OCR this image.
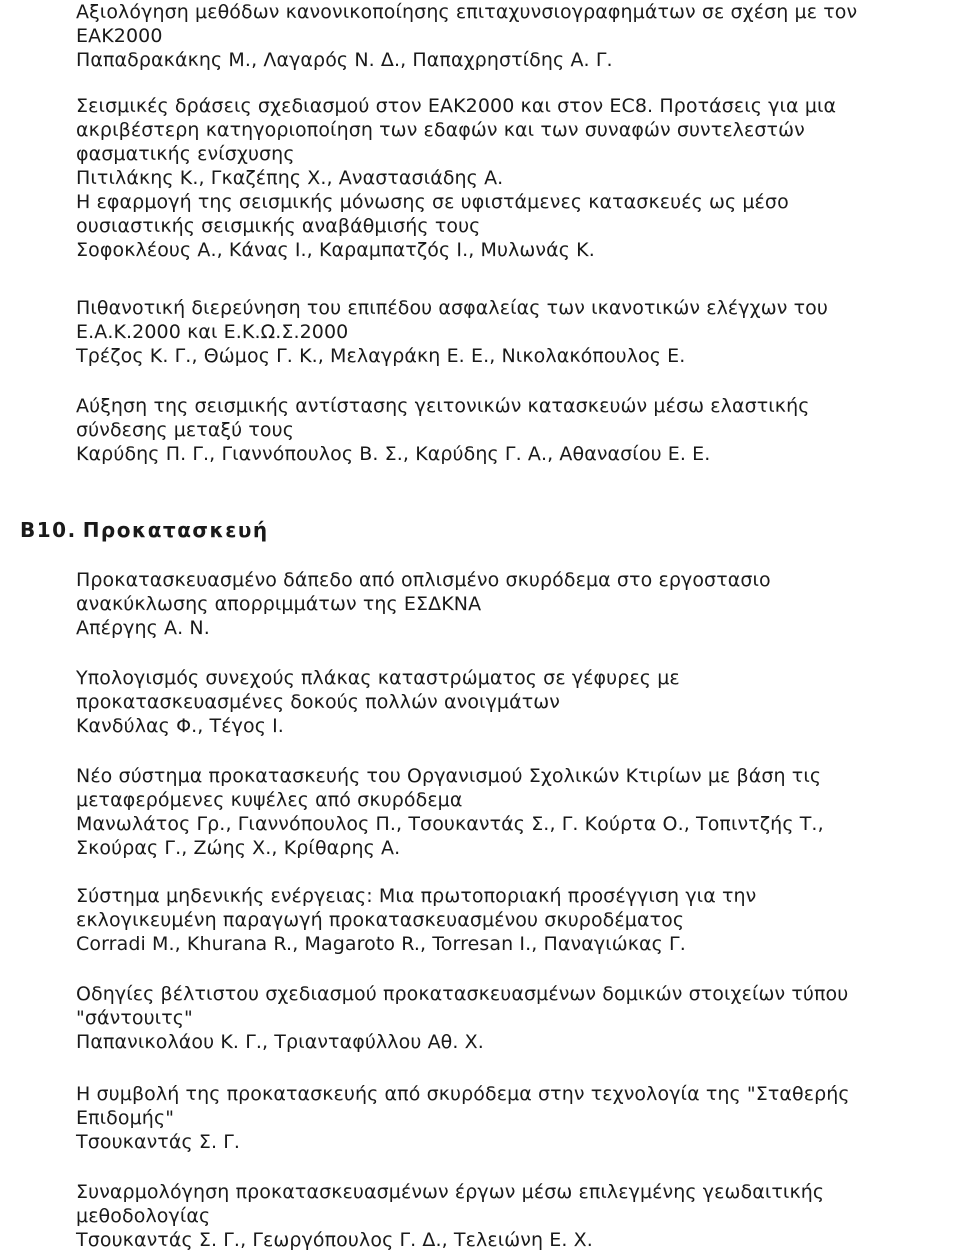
Αξιολόγηση μεθόδων κανονικοποίησης επιταχυνσιογραφημάτων σε σχέση με τον
ΕΑΚ2000
Παπαδρακάκης Μ., Λαγαρός Ν. Δ., Παπαχρηστίδης Α. Γ.
Σεισμικές δράσεις σχεδιασμού στον ΕΑΚ2000 και στον EC8. Προτάσεις για μια
ακριβέστερη κατηγοριοποίηση των εδαφών και των συναφών συντελεστών
φασματικής ενίσχυσης
Πιτιλάκης Κ., Γκαζέπης Χ., Αναστασιάδης Α.
Η εφαρμογή της σεισμικής μόνωσης σε υφιστάμενες κατασκευές ως μέσο
ουσιαστικής σεισμικής αναβάθμισής τους
Σοφοκλέους Α., Κάνας Ι., Καραμπατζός Ι., Μυλωνάς Κ.
Πιθανοτική διερεύνηση του επιπέδου ασφαλείας των ικανοτικών ελέγχων του
Ε.Α.Κ.2000 και Ε.Κ.Ω.Σ.2000
Τρέζος Κ. Γ., Θώμος Γ. Κ., Μελαγράκη Ε. Ε., Νικολακόπουλος Ε.
Αύξηση της σεισμικής αντίστασης γειτονικών κατασκευών μέσω ελαστικής
σύνδεσης μεταξύ τους
Καρύδης Π. Γ., Γιαννόπουλος Β. Σ., Καρύδης Γ. Α., Αθανασίου Ε. Ε.
B10. Προκατασκευή
Προκατασκευασμένο δάπεδο από οπλισμένο σκυρόδεμα στο εργοστασιο
ανακύκλωσης απορριμμάτων της ΕΣΔΚΝΑ
Απέργης Α. Ν.
Υπολογισμός συνεχούς πλάκας καταστρώματος σε γέφυρες με
προκατασκευασμένες δοκούς πολλών ανοιγμάτων
Κανδύλας Φ., Τέγος Ι.
Νέο σύστημα προκατασκευής του Οργανισμού Σχολικών Κτιρίων με βάση τις
μεταφερόμενες κυψέλες από σκυρόδεμα
Μανωλάτος Γρ., Γιαννόπουλος Π., Τσουκαντάς Σ., Γ. Κούρτα Ο., Τοπιντζής Τ.,
Σκούρας Γ., Ζώης Χ., Κρίθαρης Α.
Σύστημα μηδενικής ενέργειας: Μια πρωτοποριακή προσέγγιση για την
εκλογικευμένη παραγωγή προκατασκευασμένου σκυροδέματος
Corradi M., Khurana R., Magaroto R., Torresan I., Παναγιώκας Γ.
Οδηγίες βέλτιστου σχεδιασμού προκατασκευασμένων δομικών στοιχείων τύπου
"σάντουιτς"
Παπανικολάου Κ. Γ., Τριανταφύλλου Αθ. Χ.
Η συμβολή της προκατασκευής από σκυρόδεμα στην τεχνολογία της "Σταθερής
Επιδομής"
Τσουκαντάς Σ. Γ.
Συναρμολόγηση προκατασκευασμένων έργων μέσω επιλεγμένης γεωδαιτικής
μεθοδολογίας
Τσουκαντάς Σ. Γ., Γεωργόπουλος Γ. Δ., Τελειώνη Ε. Χ.
